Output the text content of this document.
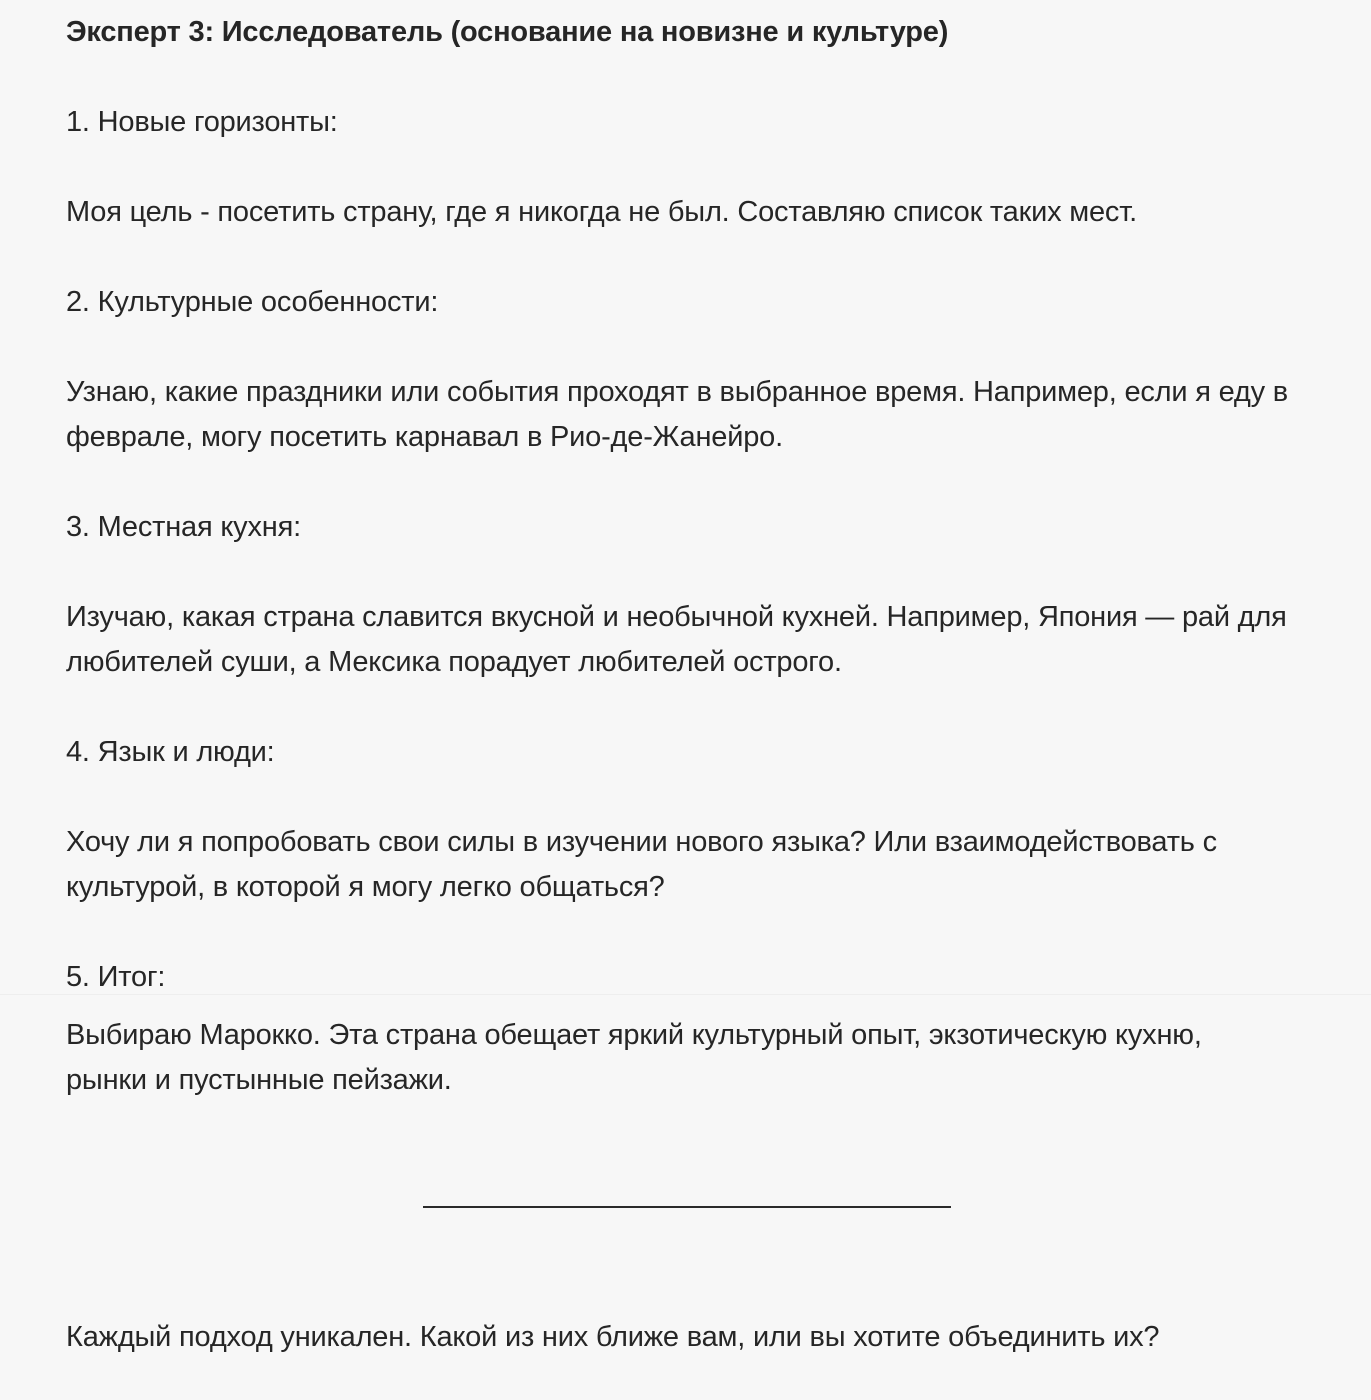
Эксперт 3: Исследователь (основание на новизне и культуре)
1. Новые горизонты:
Моя цель - посетить страну, где я никогда не был. Составляю список таких мест.
2. Культурные особенности:
Узнаю, какие праздники или события проходят в выбранное время. Например, если я еду в
феврале, могу посетить карнавал в Рио-де-Жанейро.
3. Местная кухня:
Изучаю, какая страна славится вкусной и необычной кухней. Например, Япония — рай для
любителей суши, а Мексика порадует любителей острого.
4. Язык и люди:
Хочу ли я попробовать свои силы в изучении нового языка? Или взаимодействовать с
культурой, в которой я могу легко общаться?
5. Итог:
Выбираю Марокко. Эта страна обещает яркий культурный опыт, экзотическую кухню,
рынки и пустынные пейзажи.
Каждый подход уникален. Какой из них ближе вам, или вы хотите объединить их?
